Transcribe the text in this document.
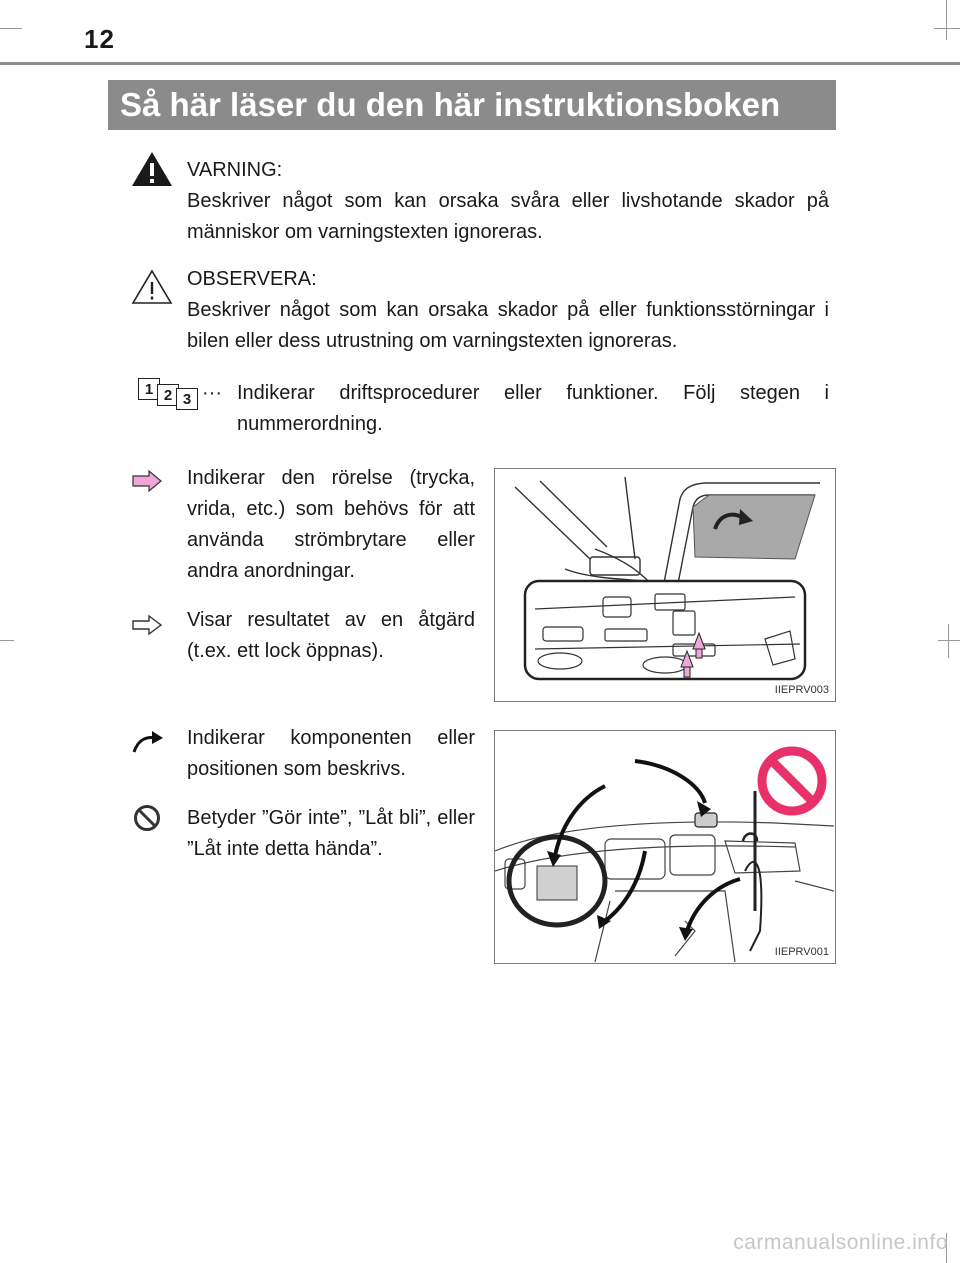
12
Så här läser du den här instruktionsboken

VARNING:

Beskriver något som kan orsaka svåra eller livshotande skador på människor om varningstexten ignoreras.

OBSERVERA:

Beskriver något som kan orsaka skador på eller funktionsstörningar i bilen eller dess utrustning om varningstexten ignoreras.

1 2 3 ··· Indikerar driftsprocedurer eller funktioner. Följ stegen i nummerordning.
Indikerar den rörelse (trycka, vrida, etc.) som behövs för att använda strömbrytare eller andra anordningar.
Visar resultatet av en åtgärd (t.ex. ett lock öppnas).
IIEPRV003
Indikerar komponenten eller positionen som beskrivs.
Betyder ”Gör inte”, ”Låt bli”, eller ”Låt inte detta hända”.
IIEPRV001
carmanualsonline.info
